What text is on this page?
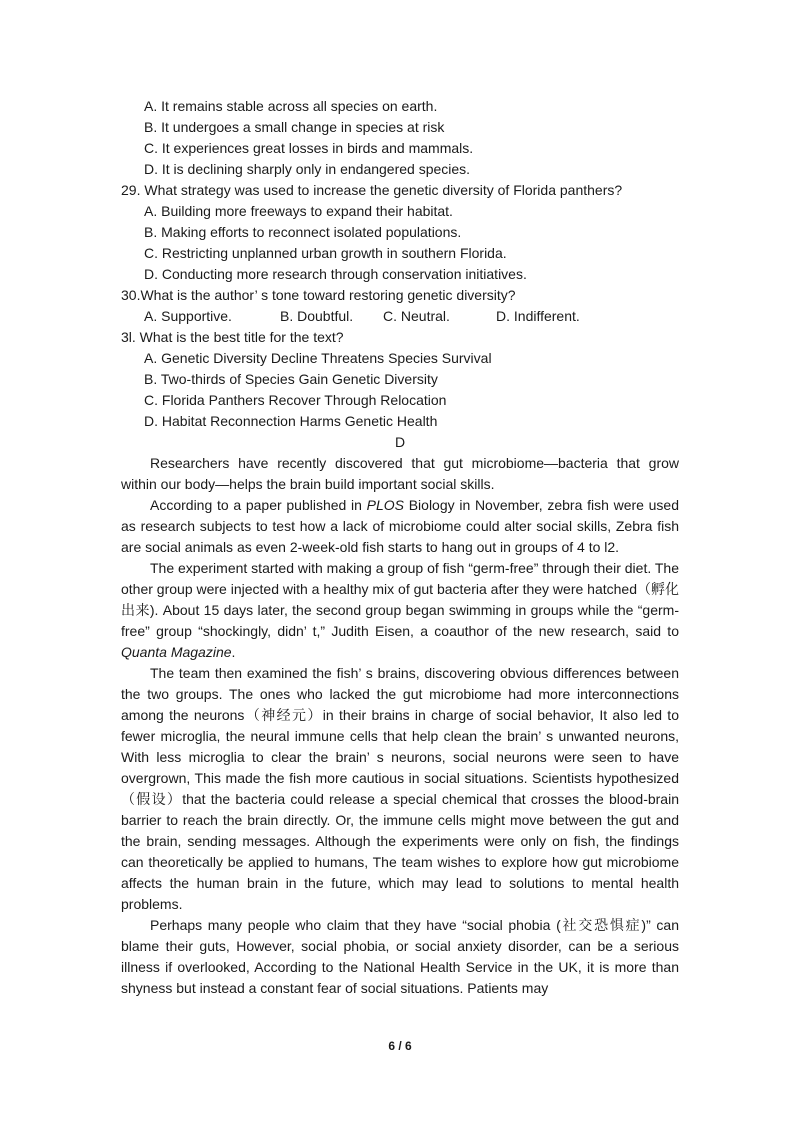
A. It remains stable across all species on earth.
B. It undergoes a small change in species at risk
C. It experiences great losses in birds and mammals.
D. It is declining sharply only in endangered species.
29. What strategy was used to increase the genetic diversity of Florida panthers?
A. Building more freeways to expand their habitat.
B. Making efforts to reconnect isolated populations.
C. Restricting unplanned urban growth in southern Florida.
D. Conducting more research through conservation initiatives.
30.What is the author’ s tone toward restoring genetic diversity?
A. Supportive.	B. Doubtful.	C. Neutral.	D. Indifferent.
3l. What is the best title for the text?
A. Genetic Diversity Decline Threatens Species Survival
B. Two-thirds of Species Gain Genetic Diversity
C. Florida Panthers Recover Through Relocation
D. Habitat Reconnection Harms Genetic Health
D

Researchers have recently discovered that gut microbiome—bacteria that grow within our body—helps the brain build important social skills.

According to a paper published in PLOS Biology in November, zebra fish were used as research subjects to test how a lack of microbiome could alter social skills, Zebra fish are social animals as even 2-week-old fish starts to hang out in groups of 4 to l2.

The experiment started with making a group of fish “germ-free” through their diet. The other group were injected with a healthy mix of gut bacteria after they were hatched（孵化出来). About 15 days later, the second group began swimming in groups while the “germ-free” group “shockingly, didn’ t,” Judith Eisen, a coauthor of the new research, said to Quanta Magazine.

The team then examined the fish’ s brains, discovering obvious differences between the two groups. The ones who lacked the gut microbiome had more interconnections among the neurons（神经元）in their brains in charge of social behavior, It also led to fewer microglia, the neural immune cells that help clean the brain’ s unwanted neurons, With less microglia to clear the brain’ s neurons, social neurons were seen to have overgrown, This made the fish more cautious in social situations. Scientists hypothesized（假设）that the bacteria could release a special chemical that crosses the blood-brain barrier to reach the brain directly. Or, the immune cells might move between the gut and the brain, sending messages. Although the experiments were only on fish, the findings can theoretically be applied to humans, The team wishes to explore how gut microbiome affects the human brain in the future, which may lead to solutions to mental health problems.

Perhaps many people who claim that they have “social phobia (社交恐惧症)” can blame their guts, However, social phobia, or social anxiety disorder, can be a serious illness if overlooked, According to the National Health Service in the UK, it is more than shyness but instead a constant fear of social situations. Patients may

6 / 6
